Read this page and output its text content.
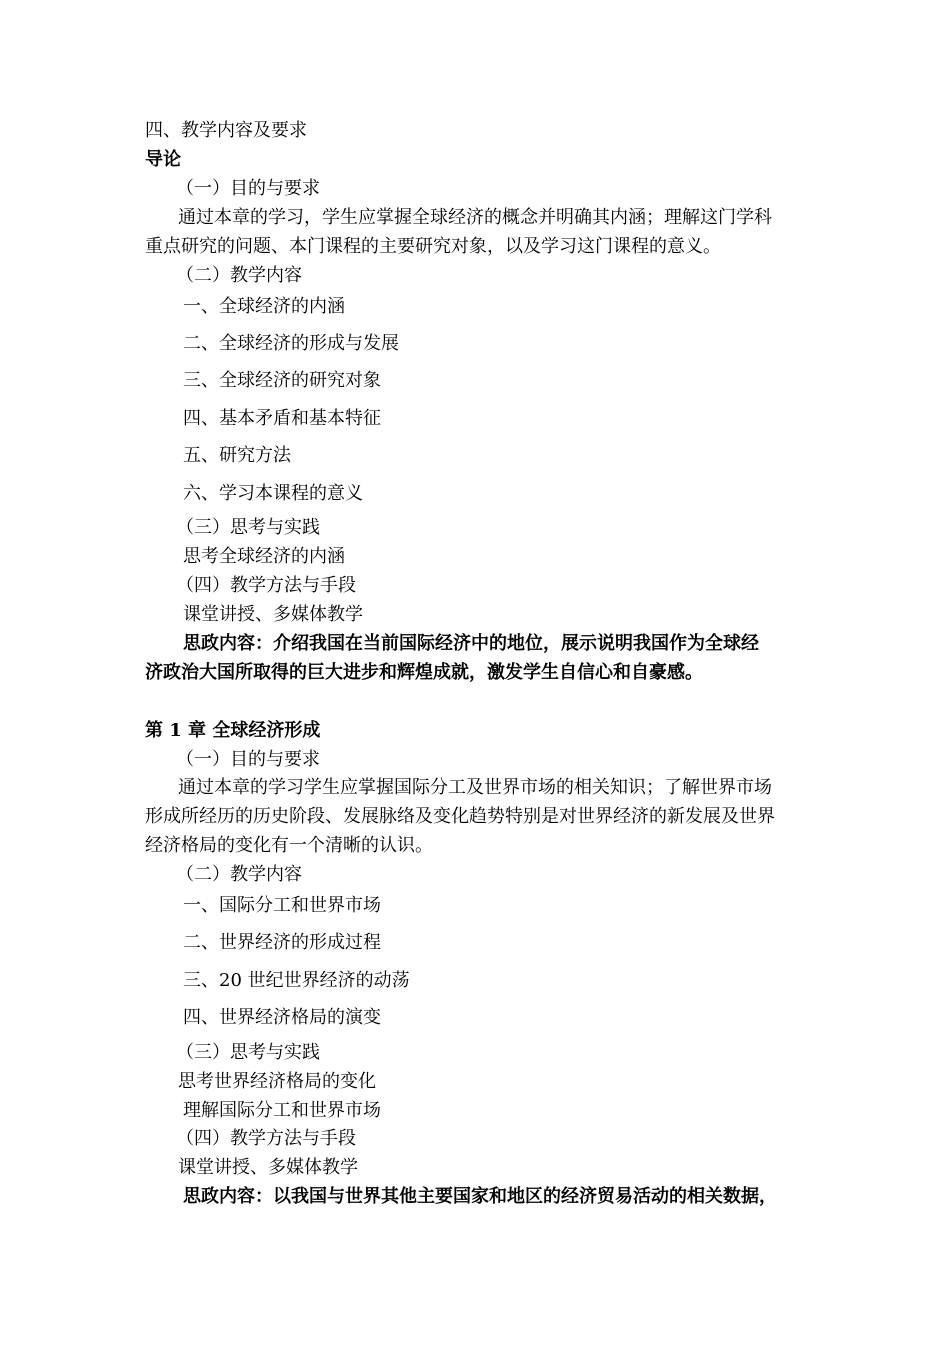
四、教学内容及要求
导论
（一）目的与要求
通过本章的学习，学生应掌握全球经济的概念并明确其内涵；理解这门学科
重点研究的问题、本门课程的主要研究对象，以及学习这门课程的意义。
（二）教学内容
一、全球经济的内涵
二、全球经济的形成与发展
三、全球经济的研究对象
四、基本矛盾和基本特征
五、研究方法
六、学习本课程的意义
（三）思考与实践
思考全球经济的内涵
（四）教学方法与手段
课堂讲授、多媒体教学
思政内容：介绍我国在当前国际经济中的地位，展示说明我国作为全球经
济政治大国所取得的巨大进步和辉煌成就，激发学生自信心和自豪感。
第 1 章 全球经济形成
（一）目的与要求
通过本章的学习学生应掌握国际分工及世界市场的相关知识；了解世界市场
形成所经历的历史阶段、发展脉络及变化趋势特别是对世界经济的新发展及世界
经济格局的变化有一个清晰的认识。
（二）教学内容
一、国际分工和世界市场
二、世界经济的形成过程
三、20 世纪世界经济的动荡
四、世界经济格局的演变
（三）思考与实践
思考世界经济格局的变化
理解国际分工和世界市场
（四）教学方法与手段
课堂讲授、多媒体教学
思政内容：以我国与世界其他主要国家和地区的经济贸易活动的相关数据，
